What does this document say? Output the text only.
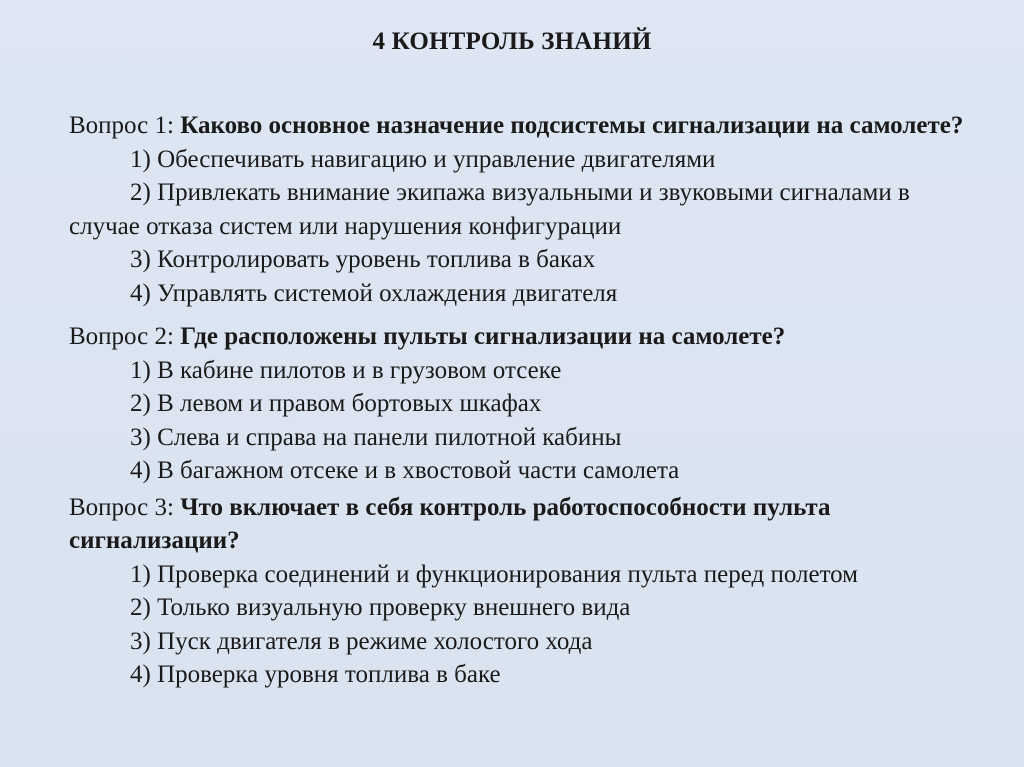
4 КОНТРОЛЬ ЗНАНИЙ

Вопрос 1: Каково основное назначение подсистемы сигнализации на самолете?

1) Обеспечивать навигацию и управление двигателями

2) Привлекать внимание экипажа визуальными и звуковыми сигналами в случае отказа систем или нарушения конфигурации

3) Контролировать уровень топлива в баках

4) Управлять системой охлаждения двигателя

Вопрос 2: Где расположены пульты сигнализации на самолете?

1) В кабине пилотов и в грузовом отсеке

2) В левом и правом бортовых шкафах

3) Слева и справа на панели пилотной кабины

4) В багажном отсеке и в хвостовой части самолета

Вопрос 3: Что включает в себя контроль работоспособности пульта сигнализации?

1) Проверка соединений и функционирования пульта перед полетом

2) Только визуальную проверку внешнего вида

3) Пуск двигателя в режиме холостого хода

4) Проверка уровня топлива в баке
